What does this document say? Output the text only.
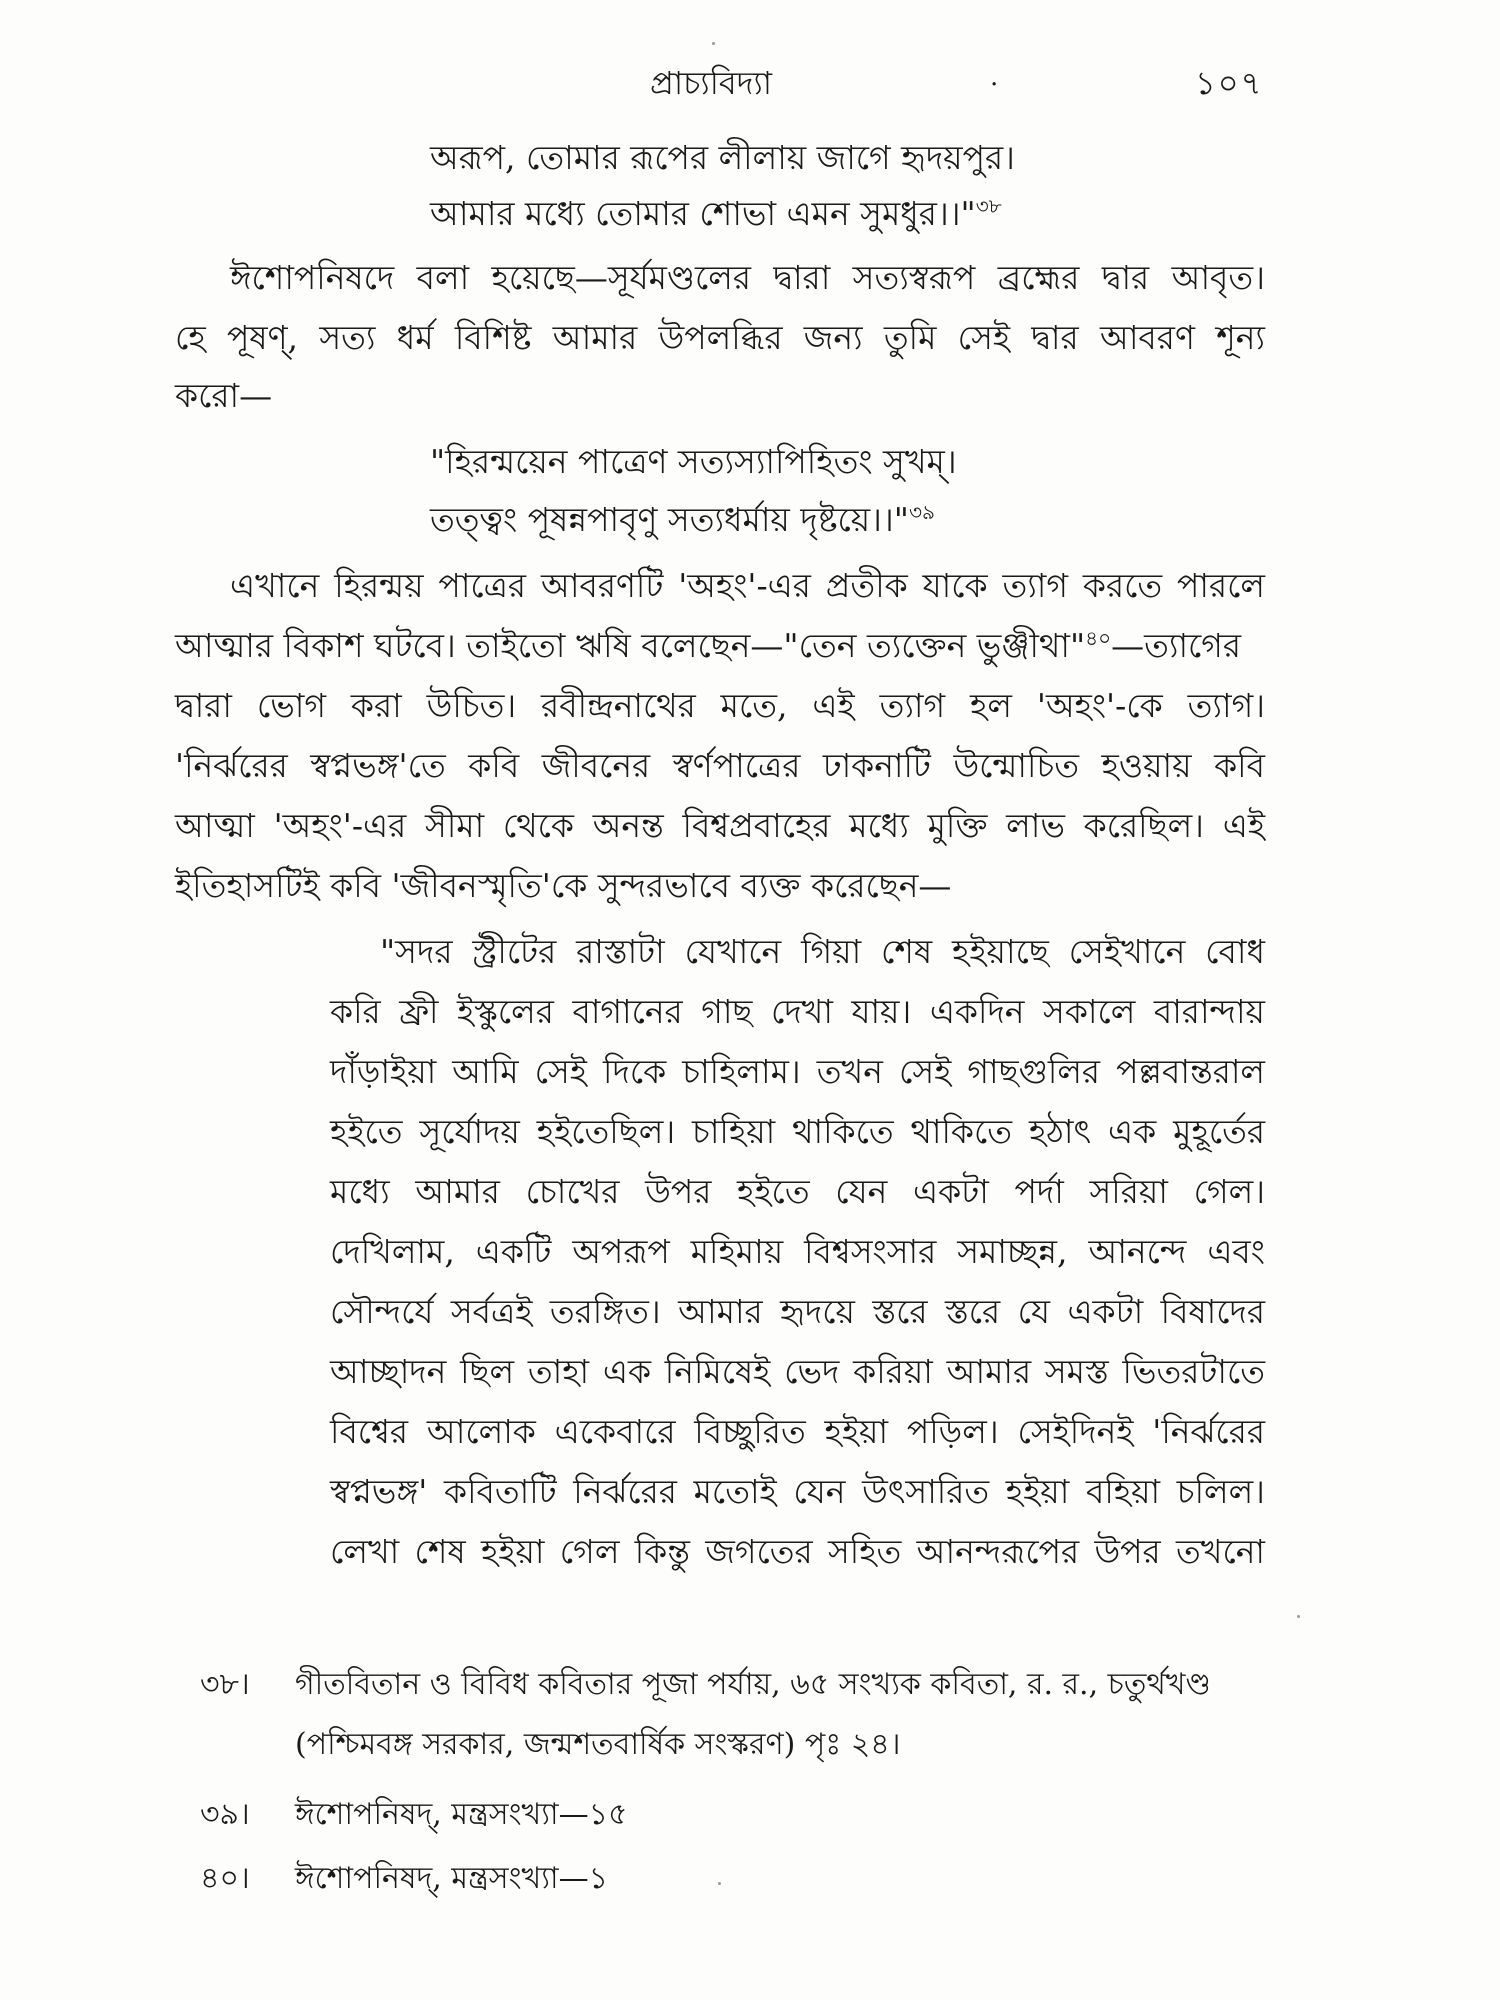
প্রাচ্যবিদ্যা	.	১০৭
অরূপ, তোমার রূপের লীলায় জাগে হৃদয়পুর।
আমার মধ্যে তোমার শোভা এমন সুমধুর।।"$^{৩৮}$
ঈশোপনিষদে বলা হয়েছে—সূর্যমণ্ডলের দ্বারা সত্যস্বরূপ ব্রহ্মের দ্বার আবৃত।
হে পূষণ্, সত্য ধর্ম বিশিষ্ট আমার উপলব্ধির জন্য তুমি সেই দ্বার আবরণ শূন্য
করো—
"হিরন্ময়েন পাত্রেণ সত্যস্যাপিহিতং সুখম্।
তত্ত্বং পূষন্নপাবৃণু সত্যধর্মায় দৃষ্টয়ে।।"$^{৩৯}$
এখানে হিরন্ময় পাত্রের আবরণটি 'অহং'-এর প্রতীক যাকে ত্যাগ করতে পারলে
আত্মার বিকাশ ঘটবে। তাইতো ঋষি বলেছেন—"তেন ত্যক্তেন ভুঞ্জীথা"$^{৪০}$—ত্যাগের
দ্বারা ভোগ করা উচিত। রবীন্দ্রনাথের মতে, এই ত্যাগ হল 'অহং'-কে ত্যাগ।
'নির্ঝরের স্বপ্নভঙ্গ'তে কবি জীবনের স্বর্ণপাত্রের ঢাকনাটি উন্মোচিত হওয়ায় কবি
আত্মা 'অহং'-এর সীমা থেকে অনন্ত বিশ্বপ্রবাহের মধ্যে মুক্তি লাভ করেছিল। এই
ইতিহাসটিই কবি 'জীবনস্মৃতি'কে সুন্দরভাবে ব্যক্ত করেছেন—
"সদর স্ট্রীটের রাস্তাটা যেখানে গিয়া শেষ হইয়াছে সেইখানে বোধ
করি ফ্রী ইস্কুলের বাগানের গাছ দেখা যায়। একদিন সকালে বারান্দায়
দাঁড়াইয়া আমি সেই দিকে চাহিলাম। তখন সেই গাছগুলির পল্লবান্তরাল
হইতে সূর্যোদয় হইতেছিল। চাহিয়া থাকিতে থাকিতে হঠাৎ এক মুহূর্তের
মধ্যে আমার চোখের উপর হইতে যেন একটা পর্দা সরিয়া গেল।
দেখিলাম, একটি অপরূপ মহিমায় বিশ্বসংসার সমাচ্ছন্ন, আনন্দে এবং
সৌন্দর্যে সর্বত্রই তরঙ্গিত। আমার হৃদয়ে স্তরে স্তরে যে একটা বিষাদের
আচ্ছাদন ছিল তাহা এক নিমিষেই ভেদ করিয়া আমার সমস্ত ভিতরটাতে
বিশ্বের আলোক একেবারে বিচ্ছুরিত হইয়া পড়িল। সেইদিনই 'নির্ঝরের
স্বপ্নভঙ্গ' কবিতাটি নির্ঝরের মতোই যেন উৎসারিত হইয়া বহিয়া চলিল।
লেখা শেষ হইয়া গেল কিন্তু জগতের সহিত আনন্দরূপের উপর তখনো
৩৮। গীতবিতান ও বিবিধ কবিতার পূজা পর্যায়, ৬৫ সংখ্যক কবিতা, র. র., চতুর্থখণ্ড
(পশ্চিমবঙ্গ সরকার, জন্মশতবার্ষিক সংস্করণ) পৃঃ ২৪।
৩৯। ঈশোপনিষদ্, মন্ত্রসংখ্যা—১৫
৪০। ঈশোপনিষদ্, মন্ত্রসংখ্যা—১
